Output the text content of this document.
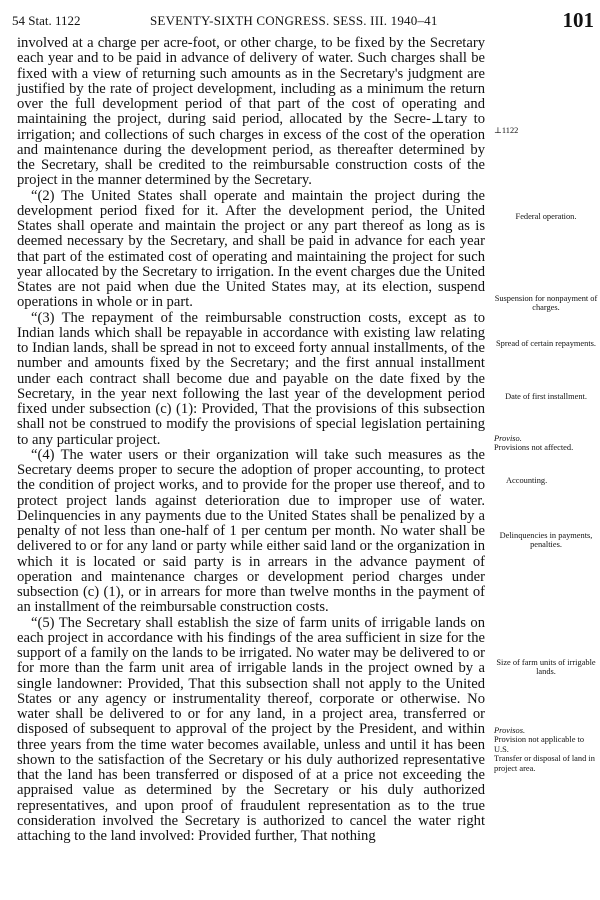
54 Stat. 1122	SEVENTY-SIXTH CONGRESS. SESS. III. 1940–41	101

involved at a charge per acre-foot, or other charge, to be fixed by the Secretary each year and to be paid in advance of delivery of water. Such charges shall be fixed with a view of returning such amounts as in the Secretary's judgment are justified by the rate of project development, including as a minimum the return over the full development period of that part of the cost of operating and maintaining the project, during said period, allocated by the Secre-⊥tary to irrigation; and collections of such charges in excess of the cost of the operation and maintenance during the development period, as thereafter determined by the Secretary, shall be credited to the reimbursable construction costs of the project in the manner determined by the Secretary.

“(2) The United States shall operate and maintain the project during the development period fixed for it. After the development period, the United States shall operate and maintain the project or any part thereof as long as is deemed necessary by the Secretary, and shall be paid in advance for each year that part of the estimated cost of operating and maintaining the project for such year allocated by the Secretary to irrigation. In the event charges due the United States are not paid when due the United States may, at its election, suspend operations in whole or in part.

“(3) The repayment of the reimbursable construction costs, except as to Indian lands which shall be repayable in accordance with existing law relating to Indian lands, shall be spread in not to exceed forty annual installments, of the number and amounts fixed by the Secretary; and the first annual installment under each contract shall become due and payable on the date fixed by the Secretary, in the year next following the last year of the development period fixed under subsection (c) (1): Provided, That the provisions of this subsection shall not be construed to modify the provisions of special legislation pertaining to any particular project.

“(4) The water users or their organization will take such measures as the Secretary deems proper to secure the adoption of proper accounting, to protect the condition of project works, and to provide for the proper use thereof, and to protect project lands against deterioration due to improper use of water. Delinquencies in any payments due to the United States shall be penalized by a penalty of not less than one-half of 1 per centum per month. No water shall be delivered to or for any land or party while either said land or the organization in which it is located or said party is in arrears in the advance payment of operation and maintenance charges or development period charges under subsection (c) (1), or in arrears for more than twelve months in the payment of an installment of the reimbursable construction costs.

“(5) The Secretary shall establish the size of farm units of irrigable lands on each project in accordance with his findings of the area sufficient in size for the support of a family on the lands to be irrigated. No water may be delivered to or for more than the farm unit area of irrigable lands in the project owned by a single landowner: Provided, That this subsection shall not apply to the United States or any agency or instrumentality thereof, corporate or otherwise. No water shall be delivered to or for any land, in a project area, transferred or disposed of subsequent to approval of the project by the President, and within three years from the time water becomes available, unless and until it has been shown to the satisfaction of the Secretary or his duly authorized representative that the land has been transferred or disposed of at a price not exceeding the appraised value as determined by the Secretary or his duly authorized representatives, and upon proof of fraudulent representation as to the true consideration involved the Secretary is authorized to cancel the water right attaching to the land involved: Provided further, That nothing

⊥1122
Federal operation.
Suspension for nonpayment of charges.
Spread of certain repayments.
Date of first installment.
Proviso.
Provisions not affected.
Accounting.
Delinquencies in payments, penalties.
Size of farm units of irrigable lands.
Provisos.
Provision not applicable to U.S.
Transfer or disposal of land in project area.
